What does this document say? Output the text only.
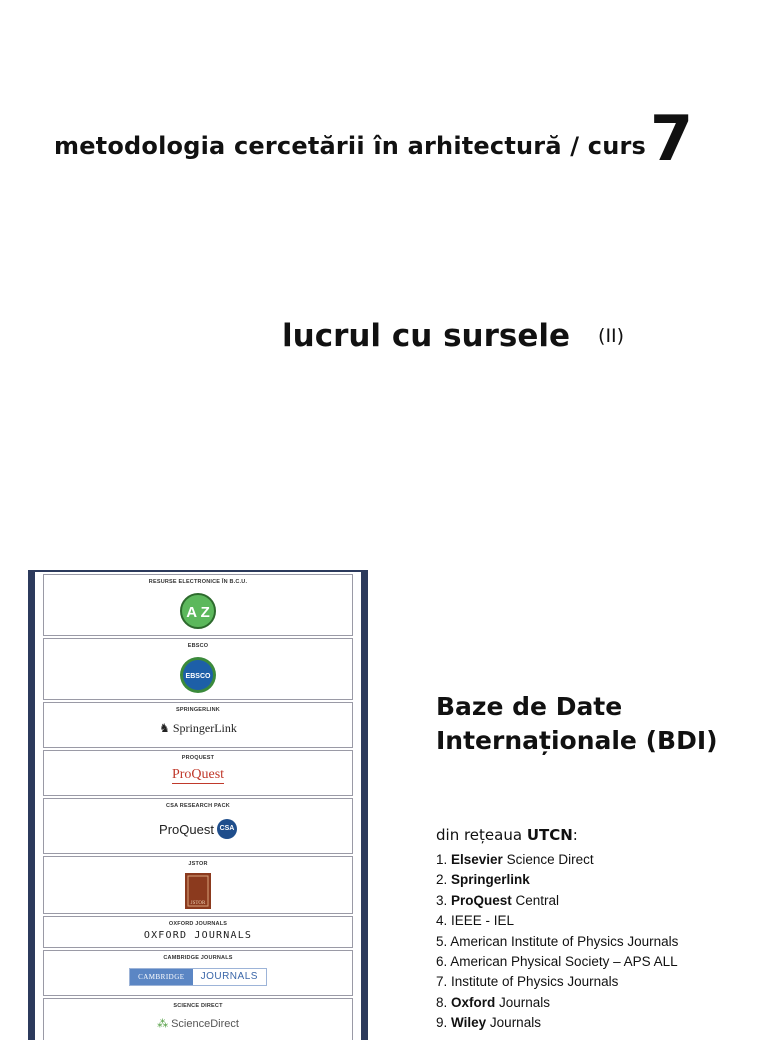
metodologia cercetării în arhitectură / curs7
lucrul cu sursele (II)
RESURSE ELECTRONICE ÎN B.C.U.
A Z
EBSCO
EBSCO
SPRINGERLINK
♞ SpringerLink
PROQUEST
ProQuest
CSA RESEARCH PACK
ProQuest CSA
JSTOR
JSTOR
OXFORD JOURNALS
OXFORD JOURNALS
CAMBRIDGE JOURNALS
CAMBRIDGE	JOURNALS
SCIENCE DIRECT
⁂ ScienceDirect
Baze de Date Internaționale (BDI)
din rețeaua UTCN:
1. Elsevier Science Direct
2. Springerlink
3. ProQuest Central
4. IEEE - IEL
5. American Institute of Physics Journals
6. American Physical Society – APS ALL
7. Institute of Physics Journals
8. Oxford Journals
9. Wiley Journals
